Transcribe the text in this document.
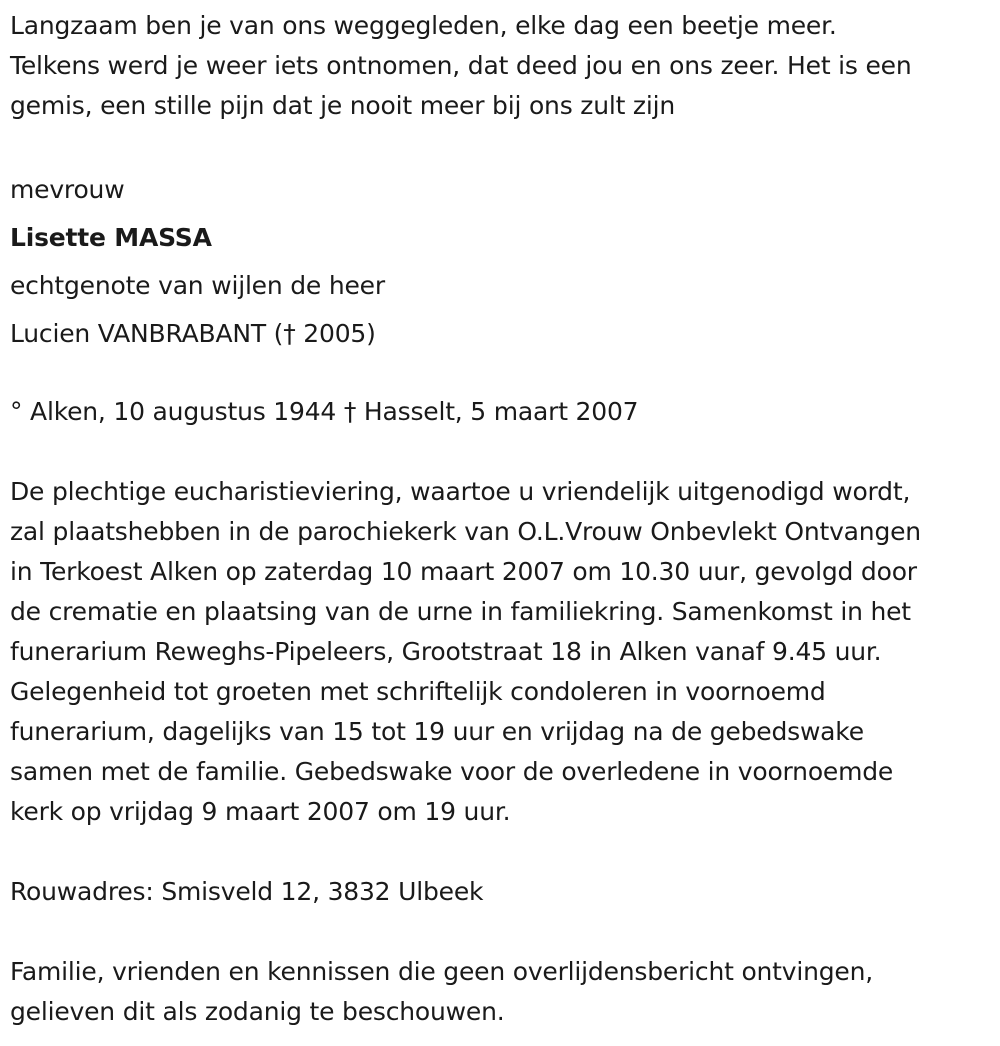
Langzaam ben je van ons weggegleden, elke dag een beetje meer.

Telkens werd je weer iets ontnomen, dat deed jou en ons zeer. Het is een

gemis, een stille pijn dat je nooit meer bij ons zult zijn

mevrouw

Lisette MASSA

echtgenote van wijlen de heer

Lucien VANBRABANT († 2005)

° Alken, 10 augustus 1944 † Hasselt, 5 maart 2007

De plechtige eucharistieviering, waartoe u vriendelijk uitgenodigd wordt,

zal plaatshebben in de parochiekerk van O.L.Vrouw Onbevlekt Ontvangen

in Terkoest Alken op zaterdag 10 maart 2007 om 10.30 uur, gevolgd door

de crematie en plaatsing van de urne in familiekring. Samenkomst in het

funerarium Reweghs-Pipeleers, Grootstraat 18 in Alken vanaf 9.45 uur.

Gelegenheid tot groeten met schriftelijk condoleren in voornoemd

funerarium, dagelijks van 15 tot 19 uur en vrijdag na de gebedswake

samen met de familie. Gebedswake voor de overledene in voornoemde

kerk op vrijdag 9 maart 2007 om 19 uur.

Rouwadres: Smisveld 12, 3832 Ulbeek

Familie, vrienden en kennissen die geen overlijdensbericht ontvingen,

gelieven dit als zodanig te beschouwen.
